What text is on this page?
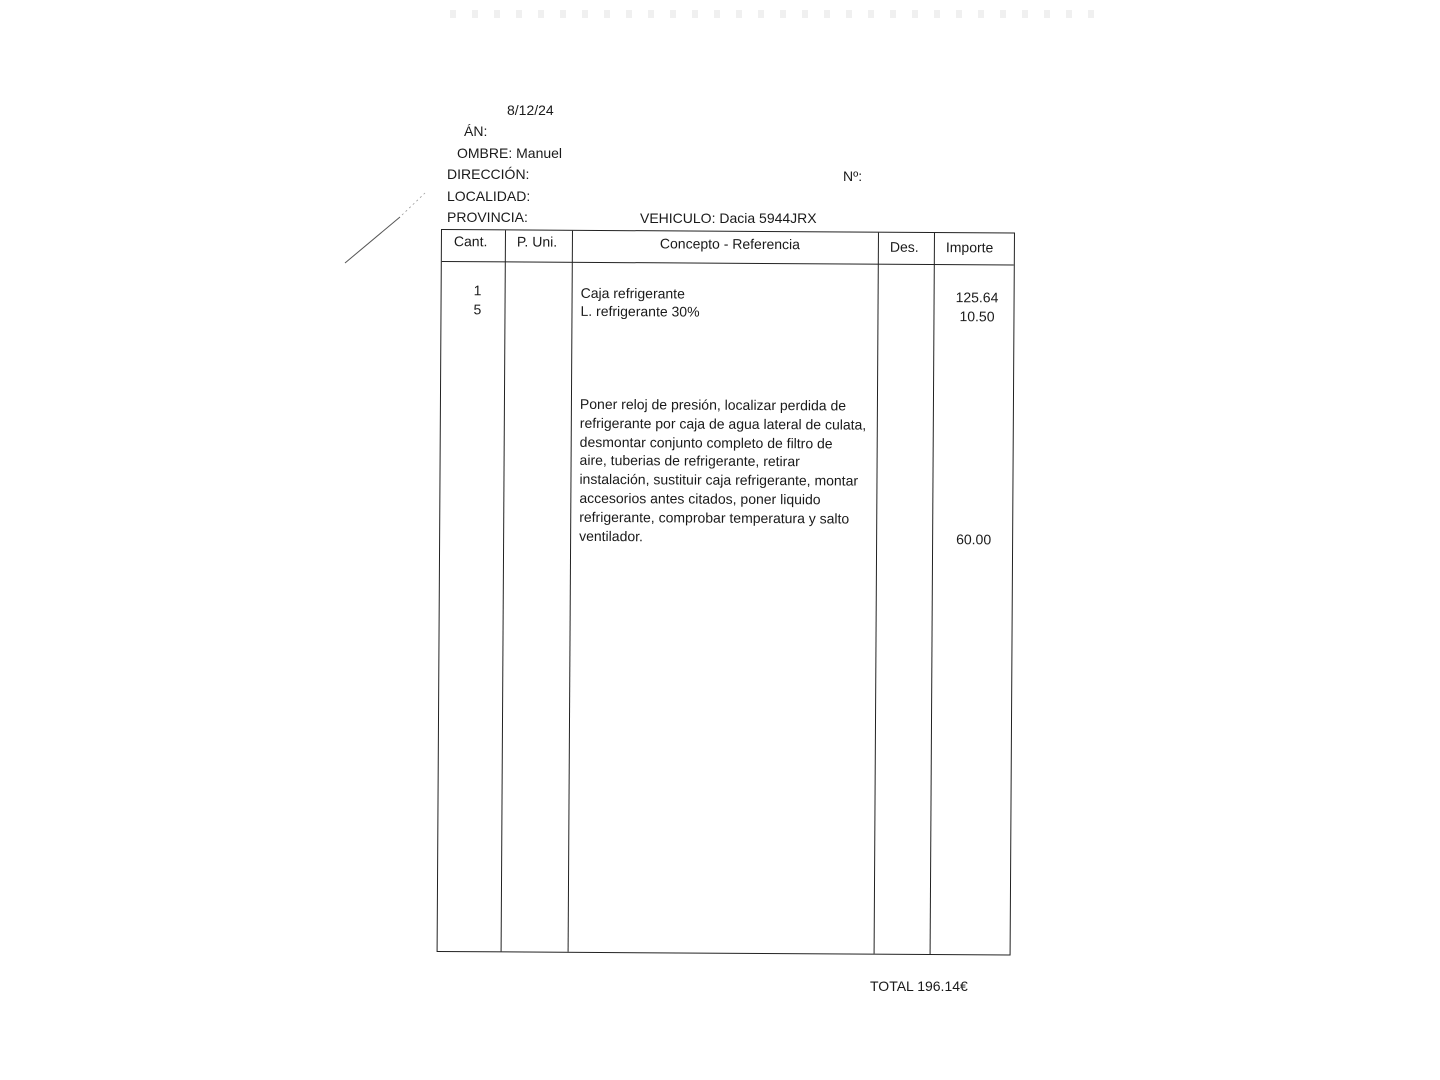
8/12/24
ÁN:
OMBRE: Manuel
DIRECCIÓN:
LOCALIDAD:
PROVINCIA:
Nº:
VEHICULO: Dacia 5944JRX
Cant. P. Uni.	Concepto - Referencia	Des. Importe
1	Caja refrigerante	125.64
5	L. refrigerante 30%	10.50
Poner reloj de presión, localizar perdida de
refrigerante por caja de agua lateral de culata,
desmontar conjunto completo de filtro de
aire, tuberias de refrigerante, retirar
instalación, sustituir caja refrigerante, montar
accesorios antes citados, poner liquido
refrigerante, comprobar temperatura y salto
ventilador.	60.00
TOTAL 196.14€
